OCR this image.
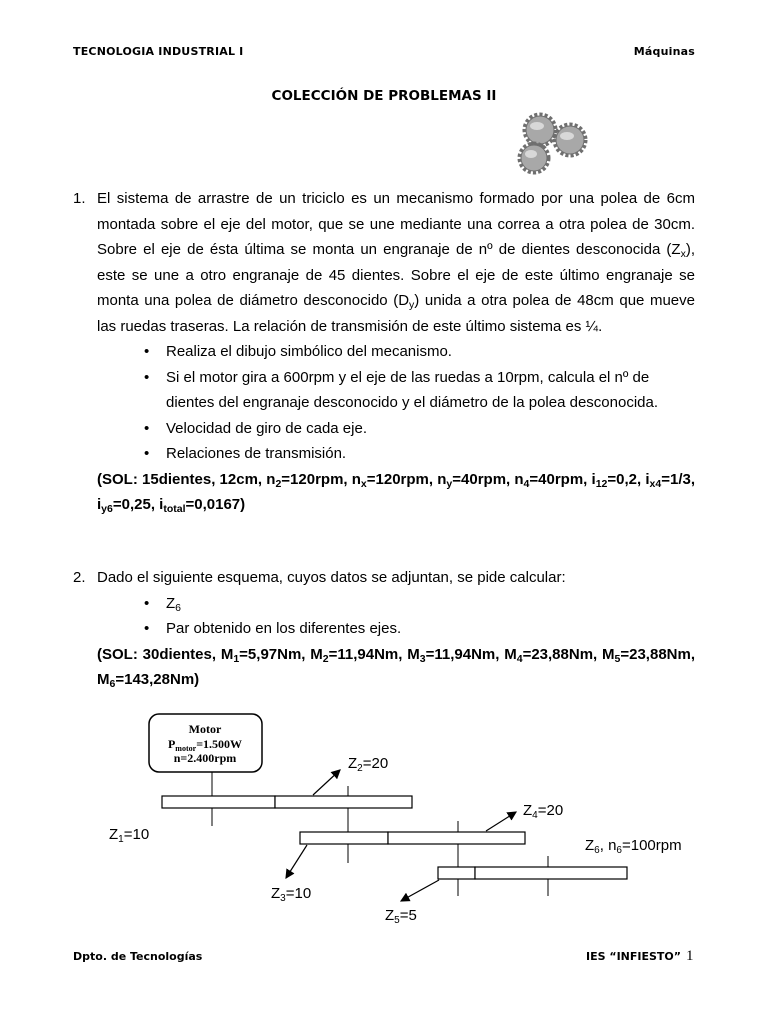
TECNOLOGIA INDUSTRIAL I	Máquinas
COLECCIÓN DE PROBLEMAS II
1. El sistema de arrastre de un triciclo es un mecanismo formado por una polea de 6cm montada sobre el eje del motor, que se une mediante una correa a otra polea de 30cm. Sobre el eje de ésta última se monta un engranaje de nº de dientes desconocida $(Z_x)$, este se une a otro engranaje de 45 dientes. Sobre el eje de este último engranaje se monta una polea de diámetro desconocido $(D_y)$ unida a otra polea de 48cm que mueve las ruedas traseras. La relación de transmisión de este último sistema es ¼.
• Realiza el dibujo simbólico del mecanismo.
• Si el motor gira a 600rpm y el eje de las ruedas a 10rpm, calcula el nº de dientes del engranaje desconocido y el diámetro de la polea desconocida.
• Velocidad de giro de cada eje.
• Relaciones de transmisión.
(SOL: 15dientes, 12cm, $n_2=120rpm$, $n_x=120rpm$, $n_y=40rpm$, $n_4=40rpm$, $i_{12}=0,2$, $i_{x4}=1/3$, $i_{y6}=0,25$, $i_{total}=0,0167$)
2. Dado el siguiente esquema, cuyos datos se adjuntan, se pide calcular:
• $Z_6$
• Par obtenido en los diferentes ejes.
(SOL: 30dientes, $M_1=5,97Nm$, $M_2=11,94Nm$, $M_3=11,94Nm$, $M_4=23,88Nm$, $M_5=23,88Nm$, $M_6=143,28Nm$)
Motor
$P_{motor}=1.500W$
n=2.400rpm
$Z_1=10$
$Z_2=20$
$Z_3=10$
$Z_4=20$
$Z_5=5$
$Z_6$, $n_6=100rpm$
Dpto. de Tecnologías	IES “INFIESTO” 1
